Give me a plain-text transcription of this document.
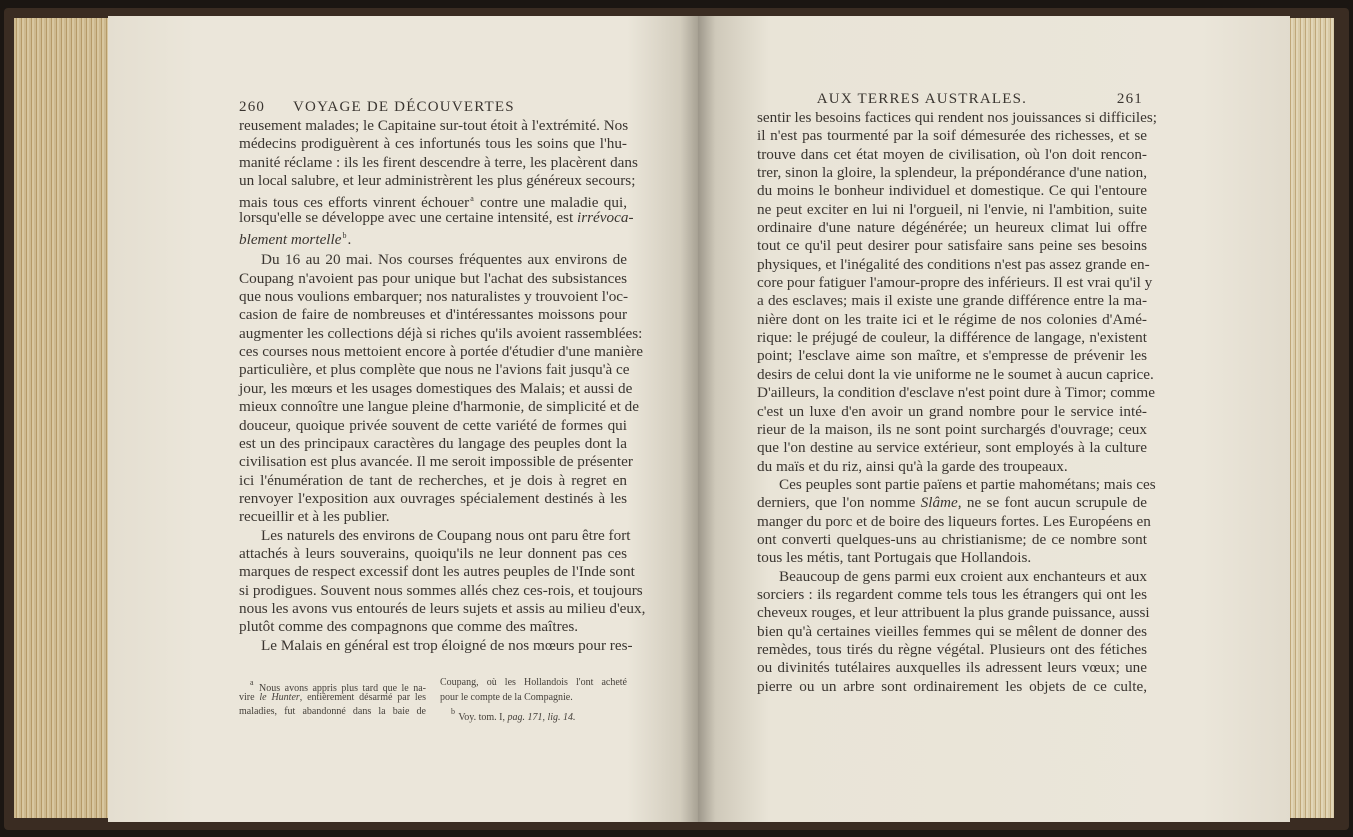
260	VOYAGE DE DÉCOUVERTES
reusement malades; le Capitaine sur-tout étoit à l'extrémité. Nos
médecins prodiguèrent à ces infortunés tous les soins que l'hu-
manité réclame : ils les firent descendre à terre, les placèrent dans
un local salubre, et leur administrèrent les plus généreux secours;
mais tous ces efforts vinrent échouer$^a$ contre une maladie qui,
lorsqu'elle se développe avec une certaine intensité, est irrévoca-
blement mortelle$^b$.
Du 16 au 20 mai. Nos courses fréquentes aux environs de
Coupang n'avoient pas pour unique but l'achat des subsistances
que nous voulions embarquer; nos naturalistes y trouvoient l'oc-
casion de faire de nombreuses et d'intéressantes moissons pour
augmenter les collections déjà si riches qu'ils avoient rassemblées:
ces courses nous mettoient encore à portée d'étudier d'une manière
particulière, et plus complète que nous ne l'avions fait jusqu'à ce
jour, les mœurs et les usages domestiques des Malais; et aussi de
mieux connoître une langue pleine d'harmonie, de simplicité et de
douceur, quoique privée souvent de cette variété de formes qui
est un des principaux caractères du langage des peuples dont la
civilisation est plus avancée. Il me seroit impossible de présenter
ici l'énumération de tant de recherches, et je dois à regret en
renvoyer l'exposition aux ouvrages spécialement destinés à les
recueillir et à les publier.
Les naturels des environs de Coupang nous ont paru être fort
attachés à leurs souverains, quoiqu'ils ne leur donnent pas ces
marques de respect excessif dont les autres peuples de l'Inde sont
si prodigues. Souvent nous sommes allés chez ces-rois, et toujours
nous les avons vus entourés de leurs sujets et assis au milieu d'eux,
plutôt comme des compagnons que comme des maîtres.
Le Malais en général est trop éloigné de nos mœurs pour res-
$^a$ Nous avons appris plus tard que le na-
vire le Hunter, entièrement désarmé par les
maladies, fut abandonné dans la baie de
Coupang, où les Hollandois l'ont acheté
pour le compte de la Compagnie.
$^b$ Voy. tom. I, pag. 171, lig. 14.
AUX TERRES AUSTRALES.	261
sentir les besoins factices qui rendent nos jouissances si difficiles;
il n'est pas tourmenté par la soif démesurée des richesses, et se
trouve dans cet état moyen de civilisation, où l'on doit rencon-
trer, sinon la gloire, la splendeur, la prépondérance d'une nation,
du moins le bonheur individuel et domestique. Ce qui l'entoure
ne peut exciter en lui ni l'orgueil, ni l'envie, ni l'ambition, suite
ordinaire d'une nature dégénérée; un heureux climat lui offre
tout ce qu'il peut desirer pour satisfaire sans peine ses besoins
physiques, et l'inégalité des conditions n'est pas assez grande en-
core pour fatiguer l'amour-propre des inférieurs. Il est vrai qu'il y
a des esclaves; mais il existe une grande différence entre la ma-
nière dont on les traite ici et le régime de nos colonies d'Amé-
rique: le préjugé de couleur, la différence de langage, n'existent
point; l'esclave aime son maître, et s'empresse de prévenir les
desirs de celui dont la vie uniforme ne le soumet à aucun caprice.
D'ailleurs, la condition d'esclave n'est point dure à Timor; comme
c'est un luxe d'en avoir un grand nombre pour le service inté-
rieur de la maison, ils ne sont point surchargés d'ouvrage; ceux
que l'on destine au service extérieur, sont employés à la culture
du maïs et du riz, ainsi qu'à la garde des troupeaux.
Ces peuples sont partie païens et partie mahométans; mais ces
derniers, que l'on nomme Slâme, ne se font aucun scrupule de
manger du porc et de boire des liqueurs fortes. Les Européens en
ont converti quelques-uns au christianisme; de ce nombre sont
tous les métis, tant Portugais que Hollandois.
Beaucoup de gens parmi eux croient aux enchanteurs et aux
sorciers : ils regardent comme tels tous les étrangers qui ont les
cheveux rouges, et leur attribuent la plus grande puissance, aussi
bien qu'à certaines vieilles femmes qui se mêlent de donner des
remèdes, tous tirés du règne végétal. Plusieurs ont des fétiches
ou divinités tutélaires auxquelles ils adressent leurs vœux; une
pierre ou un arbre sont ordinairement les objets de ce culte,
